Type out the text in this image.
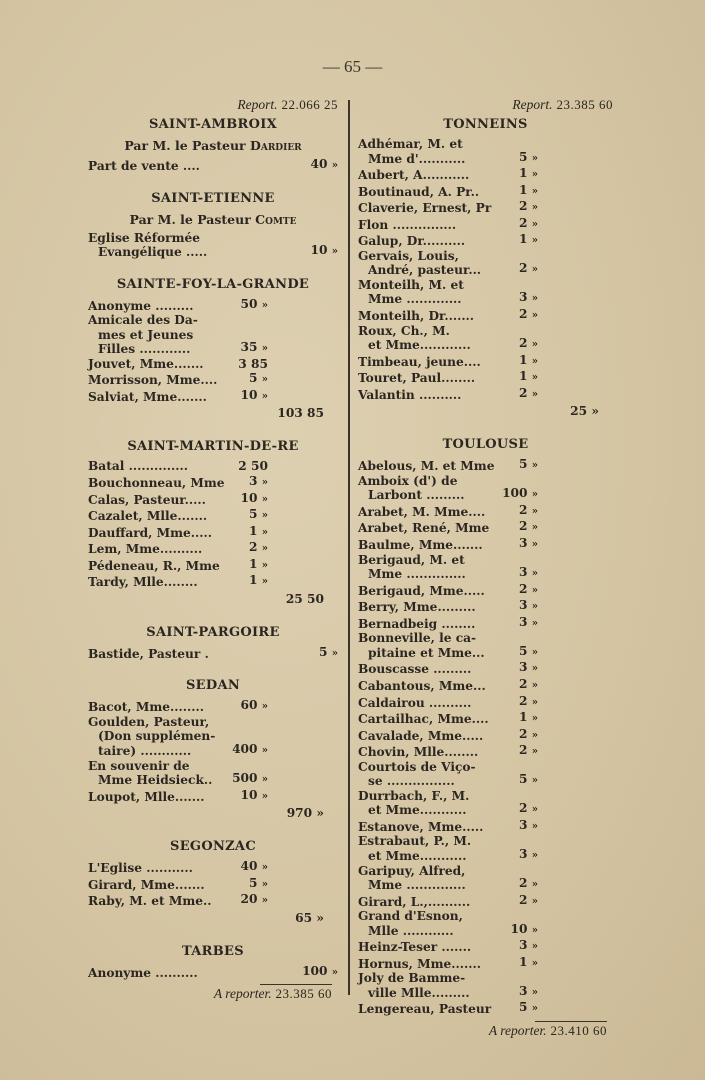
— 65 —
Report. 22.066 25
SAINT-AMBROIX
Par M. le Pasteur Dardier
Part de vente ....	40 »
SAINT-ETIENNE
Par M. le Pasteur Comte
Eglise Réformée
Evangélique .....	10 »
SAINTE-FOY-LA-GRANDE
Anonyme .........	50 »
Amicale des Da-
mes et Jeunes
Filles ............	35 »
Jouvet, Mme.......	3 85
Morrisson, Mme....	5 »
Salviat, Mme.......	10 »
103 85
SAINT-MARTIN-DE-RE
Batal ..............	2 50
Bouchonneau, Mme	3 »
Calas, Pasteur.....	10 »
Cazalet, Mlle.......	5 »
Dauffard, Mme.....	1 »
Lem, Mme..........	2 »
Pédeneau, R., Mme	1 »
Tardy, Mlle........	1 »
25 50
SAINT-PARGOIRE
Bastide, Pasteur .	5 »
SEDAN
Bacot, Mme........	60 »
Goulden, Pasteur,
(Don supplémen-
taire) ............	400 »
En souvenir de
Mme Heidsieck..	500 »
Loupot, Mlle.......	10 »
970 »
SEGONZAC
L'Eglise ...........	40 »
Girard, Mme.......	5 »
Raby, M. et Mme..	20 »
65 »
TARBES
Anonyme ..........	100 »
A reporter. 23.385 60
Report. 23.385 60
TONNEINS
Adhémar, M. et
Mme d'...........	5 »
Aubert, A...........	1 »
Boutinaud, A. Pr..	1 »
Claverie, Ernest, Pr	2 »
Flon ...............	2 »
Galup, Dr..........	1 »
Gervais, Louis,
André, pasteur...	2 »
Monteilh, M. et
Mme .............	3 »
Monteilh, Dr.......	2 »
Roux, Ch., M.
et Mme............	2 »
Timbeau, jeune....	1 »
Touret, Paul........	1 »
Valantin ..........	2 »
25 »
TOULOUSE
Abelous, M. et Mme	5 »
Amboix (d') de
Larbont .........	100 »
Arabet, M. Mme....	2 »
Arabet, René, Mme	2 »
Baulme, Mme.......	3 »
Berigaud, M. et
Mme ..............	3 »
Berigaud, Mme.....	2 »
Berry, Mme.........	3 »
Bernadbeig ........	3 »
Bonneville, le ca-
pitaine et Mme...	5 »
Bouscasse .........	3 »
Cabantous, Mme...	2 »
Caldairou ..........	2 »
Cartailhac, Mme....	1 »
Cavalade, Mme.....	2 »
Chovin, Mlle........	2 »
Courtois de Viço-
se ................	5 »
Durrbach, F., M.
et Mme...........	2 »
Estanove, Mme.....	3 »
Estrabaut, P., M.
et Mme...........	3 »
Garipuy, Alfred,
Mme ..............	2 »
Girard, L.,..........	2 »
Grand d'Esnon,
Mlle ............	10 »
Heinz-Teser .......	3 »
Hornus, Mme.......	1 »
Joly de Bamme-
ville Mlle.........	3 »
Lengereau, Pasteur	5 »
A reporter. 23.410 60
